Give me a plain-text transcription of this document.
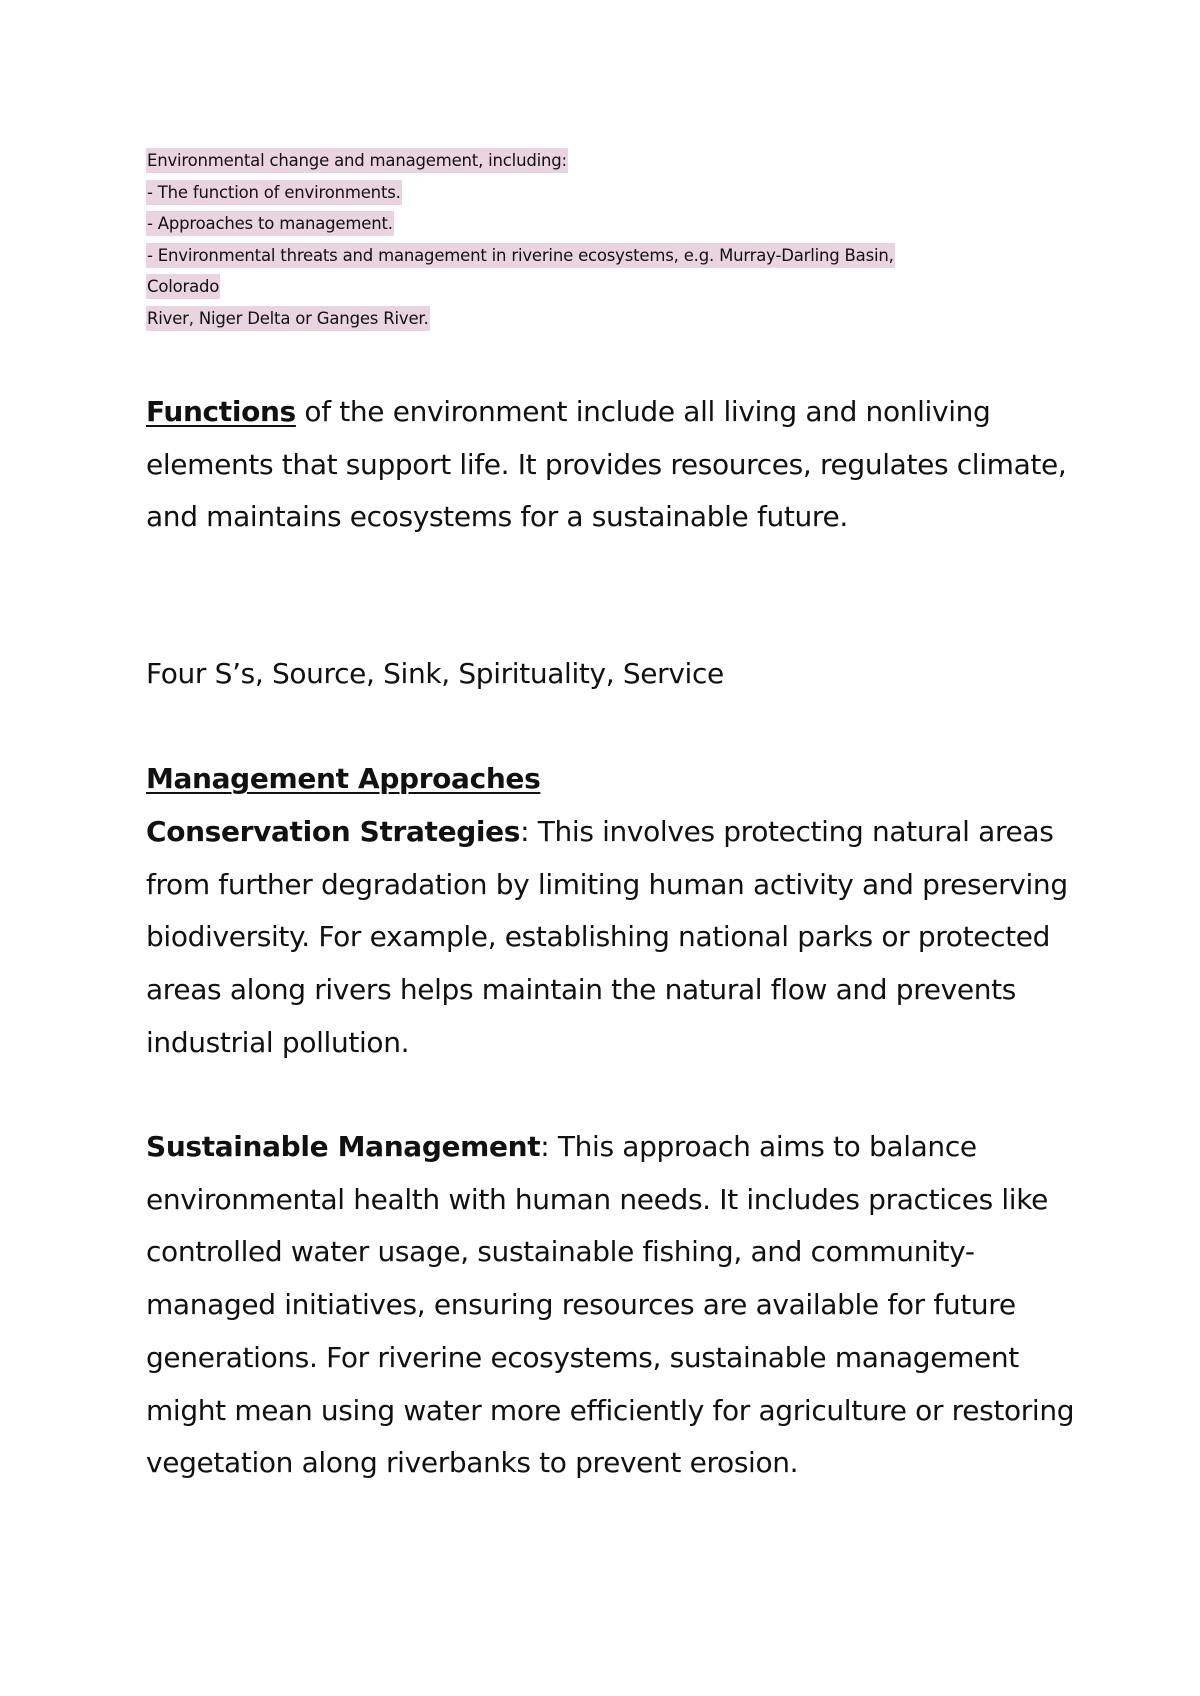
Environmental change and management, including:
- The function of environments.
- Approaches to management.
- Environmental threats and management in riverine ecosystems, e.g. Murray-Darling Basin,
Colorado
River, Niger Delta or Ganges River.

Functions of the environment include all living and nonliving elements that support life. It provides resources, regulates climate, and maintains ecosystems for a sustainable future.

Four S’s, Source, Sink, Spirituality, Service

Management Approaches

Conservation Strategies: This involves protecting natural areas from further degradation by limiting human activity and preserving biodiversity. For example, establishing national parks or protected areas along rivers helps maintain the natural flow and prevents industrial pollution.

Sustainable Management: This approach aims to balance environmental health with human needs. It includes practices like controlled water usage, sustainable fishing, and community-managed initiatives, ensuring resources are available for future generations. For riverine ecosystems, sustainable management might mean using water more efficiently for agriculture or restoring vegetation along riverbanks to prevent erosion.
